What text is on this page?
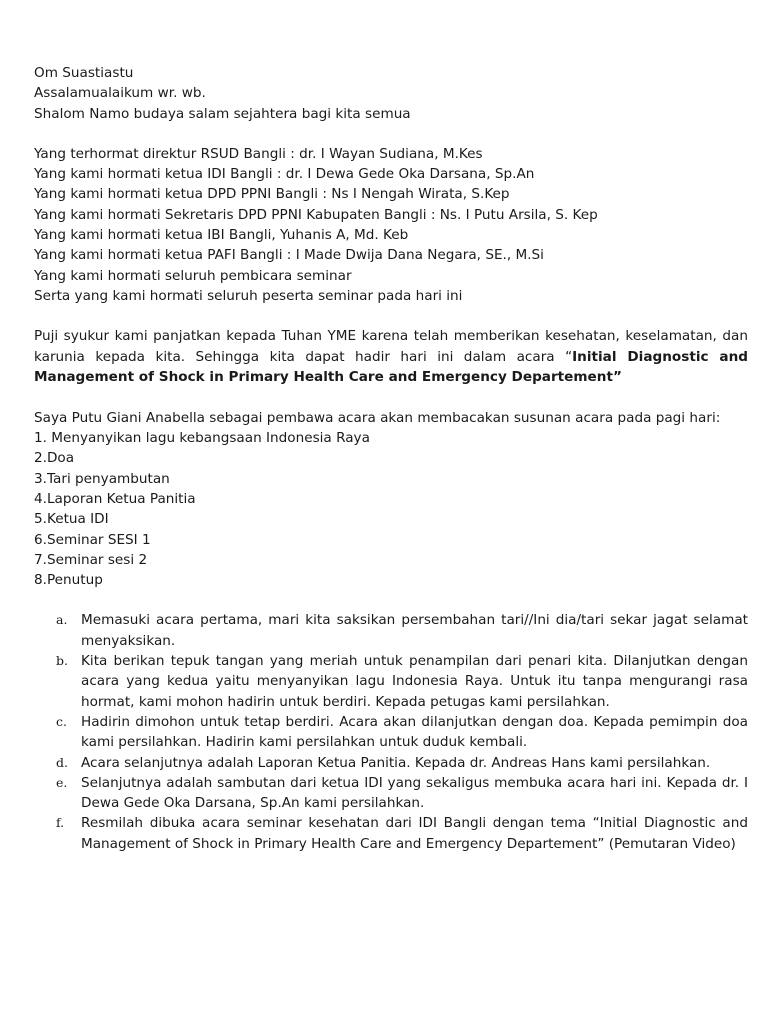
Om Suastiastu
Assalamualaikum wr. wb.
Shalom Namo budaya salam sejahtera bagi kita semua
Yang terhormat direktur RSUD Bangli : dr. I Wayan Sudiana, M.Kes
Yang kami hormati ketua IDI Bangli : dr. I Dewa Gede Oka Darsana, Sp.An
Yang kami hormati ketua DPD PPNI Bangli : Ns I Nengah Wirata, S.Kep
Yang kami hormati Sekretaris DPD PPNI Kabupaten Bangli : Ns. I Putu Arsila, S. Kep
Yang kami hormati ketua IBI Bangli, Yuhanis A, Md. Keb
Yang kami hormati ketua PAFI Bangli : I Made Dwija Dana Negara, SE., M.Si
Yang kami hormati seluruh pembicara seminar
Serta yang kami hormati seluruh peserta seminar pada hari ini
Puji syukur kami panjatkan kepada Tuhan YME karena telah memberikan kesehatan, keselamatan, dan karunia kepada kita. Sehingga kita dapat hadir hari ini dalam acara “Initial Diagnostic and Management of Shock in Primary Health Care and Emergency Departement”
Saya Putu Giani Anabella sebagai pembawa acara akan membacakan susunan acara pada pagi hari:
1. Menyanyikan lagu kebangsaan Indonesia Raya
2.Doa
3.Tari penyambutan
4.Laporan Ketua Panitia
5.Ketua IDI
6.Seminar SESI 1
7.Seminar sesi 2
8.Penutup
a. Memasuki acara pertama, mari kita saksikan persembahan tari//Ini dia/tari sekar jagat selamat menyaksikan.
b. Kita berikan tepuk tangan yang meriah untuk penampilan dari penari kita. Dilanjutkan dengan acara yang kedua yaitu menyanyikan lagu Indonesia Raya. Untuk itu tanpa mengurangi rasa hormat, kami mohon hadirin untuk berdiri. Kepada petugas kami persilahkan.
c. Hadirin dimohon untuk tetap berdiri. Acara akan dilanjutkan dengan doa. Kepada pemimpin doa kami persilahkan. Hadirin kami persilahkan untuk duduk kembali.
d. Acara selanjutnya adalah Laporan Ketua Panitia. Kepada dr. Andreas Hans kami persilahkan.
e. Selanjutnya adalah sambutan dari ketua IDI yang sekaligus membuka acara hari ini. Kepada dr. I Dewa Gede Oka Darsana, Sp.An kami persilahkan.
f. Resmilah dibuka acara seminar kesehatan dari IDI Bangli dengan tema “Initial Diagnostic and Management of Shock in Primary Health Care and Emergency Departement” (Pemutaran Video)
